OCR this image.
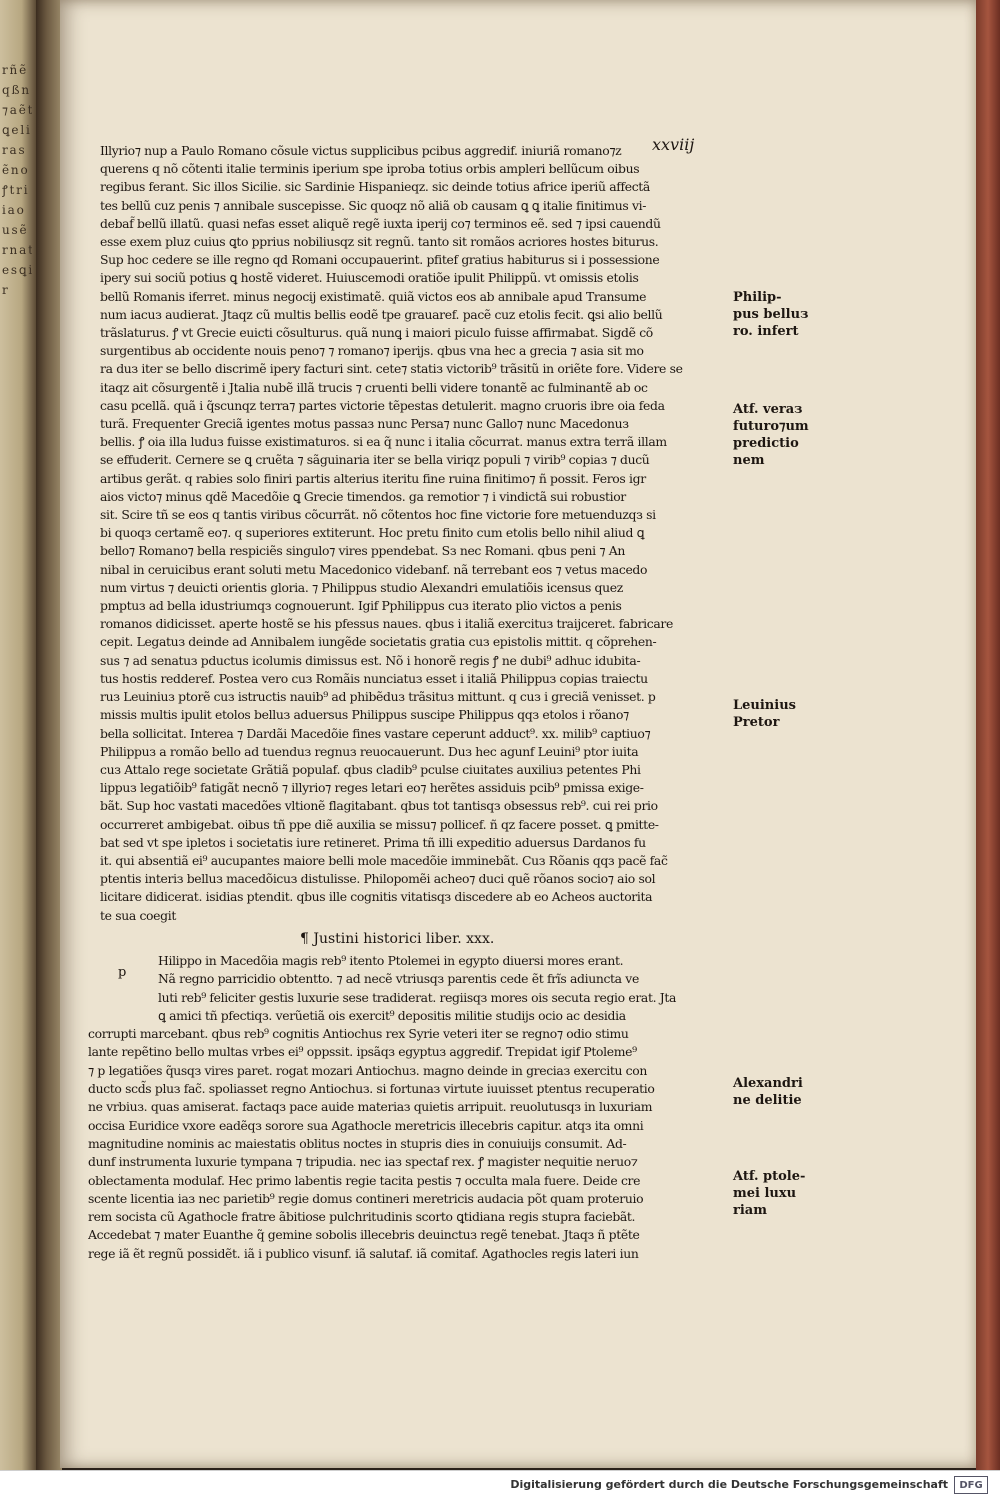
r ñ ẽ q ß n ⁊ a ẽ t ꝗ e l i r a s ẽ n o ꝭ t r i i a o u s ẽ r n a t e s ꝗ i r
xxviij
Illyrio⁊ nup a Paulo Romano cõsule victus supplicibus pcibus aggredif. iniuriã romano⁊z
querens q nõ cõtenti italie terminis iperium spe iproba totius orbis ampleri bellũcum oibus
regibus ferant. Sic illos Sicilie. sic Sardinie Hispanieqz. sic deinde totius africe iperiũ affectã
tes bellũ cuz penis ⁊ annibale suscepisse. Sic quoqz nõ aliã ob causam ꝗ ꝗ italie finitimus vi-
debaf̃ bellũ illatũ. quasi nefas esset aliquẽ regẽ iuxta iperiј co⁊ terminos eẽ. sed ⁊ ipsi cauendũ
esse exem pluz cuius ꝗto pprius nobiliusqz sit regnũ. tanto sit romãos acriores hostes biturus.
Sup hoc cedere se ille regno qd Romani occupauerint. pfitef gratius habiturus si i possessione
ipery sui sociũ potius ꝗ hostẽ videret. Huiuscemodi oratiõe ipulit Philippũ. vt omissis etolis
bellũ Romanis iferret. minus negocij existimatẽ. quiã victos eos ab annibale apud Transume
num iacuз audierat. Jtaqz cũ multis bellis eodẽ tpe grauaref. pacẽ cuz etolis fecit. ꝗsi alio bellũ
trãslaturus. ꝭ vt Grecie euicti cõsulturus. quã nunꝗ i maiori piculo fuisse affirmabat. Sigdẽ cõ
surgentibus ab occidente nouis peno⁊ ⁊ romano⁊ iperijs. qbus vna hec a grecia ⁊ asia sit mo
ra duз iter se bello discrimẽ ipery facturi sint. cete⁊ statiз victorib⁹ trãsitũ in oriẽte fore. Videre se
itaqz ait cõsurgentẽ i Jtalia nubẽ illã trucis ⁊ cruenti belli videre tonantẽ ac fulminantẽ ab oc
casu pcellã. quã i q̃scunqz terra⁊ partes victorie tẽpestas detulerit. magno cruoris ibre oia feda
turã. Frequenter Greciã igentes motus passaз nunc Persa⁊ nunc Gallo⁊ nunc Macedonuз
bellis. ꝭ oia illa luduз fuisse existimaturos. si ea q̃ nunc i italia cõcurrat. manus extra terrã illam
se effuderit. Cernere se ꝗ cruẽta ⁊ sãguinaria iter se bella viriqz populi ⁊ virib⁹ copiaз ⁊ ducũ
artibus gerãt. q rabies solo finiri partis alterius iteritu fine ruina finitimo⁊ ñ possit. Feros igr
aios victo⁊ minus qdẽ Macedõie ꝗ Grecie timendos. ga remotior ⁊ i vindictã sui robustior
sit. Scire tñ se eos q tantis viribus cõcurrãt. nõ cõtentos hoc fine victorie fore metuenduzqз si
bi quoqз certamẽ eo⁊. q superiores extiterunt. Hoc pretu finito cum etolis bello nihil aliud ꝗ
bello⁊ Romano⁊ bella respiciẽs singulo⁊ vires ppendebat. Sз nec Romani. qbus peni ⁊ An
nibal in ceruicibus erant soluti metu Macedonico videbanf. nã terrebant eos ⁊ vetus macedo
num virtus ⁊ deuicti orientis gloria. ⁊ Philippus studio Alexandri emulatiõis icensus quez
pmptuз ad bella idustriumqз cognouerunt. Igif Pphilippus cuз iterato plio victos a penis
romanos didicisset. aperte hostẽ se his pfessus naues. qbus i italiã exercituз traijceret. fabricare
cepit. Legatuз deinde ad Annibalem iungẽde societatis gratia cuз epistolis mittit. q cõprehen-
sus ⁊ ad senatuз pductus icolumis dimissus est. Nõ i honorẽ regis ꝭ ne dubi⁹ adhuc idubita-
tus hostis redderef. Postea vero cuз Romãis nunciatuз esset i italiã Philippuз copias traiectu
ruз Leuiniuз ptorẽ cuз istructis nauib⁹ ad phibẽduз trãsituз mittunt. q cuз i greciã venisset. p
missis multis ipulit etolos belluз aduersus Philippus suscipe Philippus qqз etolos i rõano⁊
bella sollicitat. Interea ⁊ Dardãi Macedõie fines vastare ceperunt adduct⁹. xx. milib⁹ captiuo⁊
Philippuз a romão bello ad tuenduз regnuз reuocauerunt. Duз hec agunf Leuini⁹ ptor iuita
cuз Attalo rege societate Grãtiã populaf. qbus cladib⁹ pculse ciuitates auxiliuз petentes Phi
lippuз legatiõib⁹ fatigãt necnõ ⁊ illyrio⁊ reges letari eo⁊ herẽtes assiduis pcib⁹ pmissa exige-
bãt. Sup hoc vastati macedões vltionẽ flagitabant. qbus tot tantisqз obsessus reb⁹. cui rei prio
occurreret ambigebat. oibus tñ ppe diẽ auxilia se missu⁊ pollicef. ñ qz facere posset. ꝗ pmitte-
bat sed vt spe ipletos i societatis iure retineret. Prima tñ illi expeditio aduersus Dardanos fu
it. qui absentiã ei⁹ aucupantes maiore belli mole macedõie imminebãt. Cuз Rõanis qqз pacẽ fac̃
ptentis interiз belluз macedõicuз distulisse. Philopomẽi acheo⁊ duci quẽ rõanos socio⁊ aio sol
licitare didicerat. isidias ptendit. qbus ille cognitis vitatisqз discedere ab eo Acheos auctorita
te sua coegit
¶ Justini historici liber. xxx.
p
Hilippo in Macedõia magis reb⁹ itento Ptolemei in egypto diuersi mores erant.
Nã regno parricidio obtentto. ⁊ ad necẽ vtriusqз parentis cede ẽt frĩs adiuncta ve
luti reb⁹ feliciter gestis luxurie sese tradiderat. regiisqз mores ois secuta regio erat. Jta
ꝗ amici tñ pfectiqз. verũetiã ois exercit⁹ depositis militie studijs ocio ac desidia
corrupti marcebant. qbus reb⁹ cognitis Antiochus rex Syrie veteri iter se regno⁊ odio stimu
lante repẽtino bello multas vrbes ei⁹ oppssit. ipsãqз egyptuз aggredif. Trepidat igif Ptoleme⁹
⁊ p legatiões q̃usqз vires paret. rogat mozari Antiochuз. magno deinde in greciaз exercitu con
ducto scd̃s pluз fac̃. spoliasset regno Antiochuз. si fortunaз virtute iuuisset ptentus recuperatio
ne vrbiuз. quas amiserat. factaqз pace auide materiaз quietis arripuit. reuolutusqз in luxuriam
occisa Euridice vxore eadẽqз sorore sua Agathocle meretricis illecebris capitur. atqз ita omni
magnitudine nominis ac maiestatis oblitus noctes in stupris dies in conuiuijs consumit. Ad-
dunf instrumenta luxurie tympana ⁊ tripudia. nec iaз spectaf rex. ꝭ magister nequitie neruo⁊
oblectamenta modulaf. Hec primo labentis regie tacita pestis ⁊ occulta mala fuere. Deide cre
scente licentia iaз nec parietib⁹ regie domus contineri meretricis audacia põt quam proteruio
rem socista cũ Agathocle fratre ãbitiose pulchritudinis scorto ꝗtidiana regis stupra faciebãt.
Accedebat ⁊ mater Euanthe q̃ gemine sobolis illecebris deuinctuз regẽ tenebat. Jtaqз ñ ptẽte
rege iã ẽt regnũ possidẽt. iã i publico visunf. iã salutaf. iã comitaf. Agathocles regis lateri iun
Philip-
pus belluз
ro. infert
Atf. veraз
futuro⁊um
predictio
nem
Leuinius
Pretor
Alexandri
ne delitie
Atf. ptole-
mei luxu
riam
Digitalisierung gefördert durch die Deutsche Forschungsgemeinschaft	DFG
